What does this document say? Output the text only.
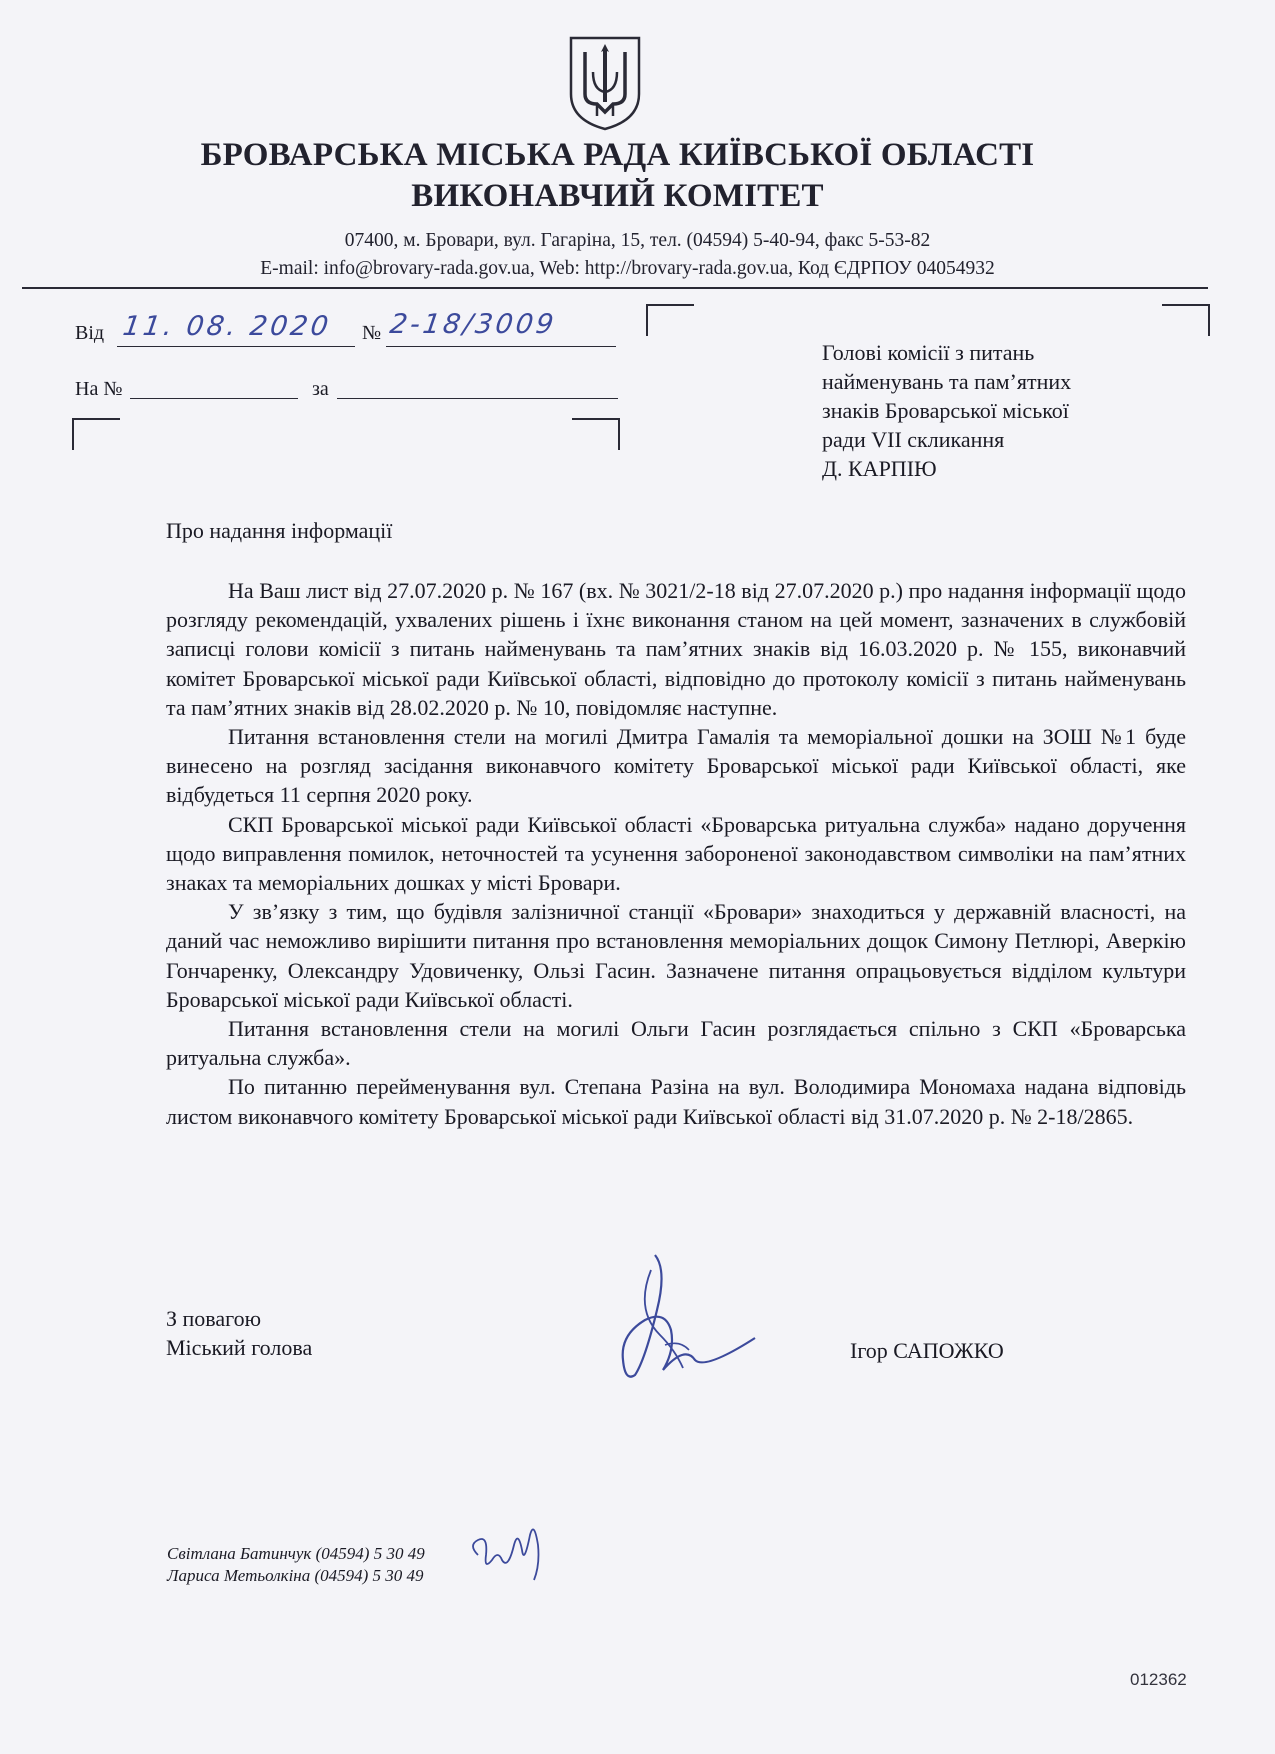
БРОВАРСЬКА МІСЬКА РАДА КИЇВСЬКОЇ ОБЛАСТІ
ВИКОНАВЧИЙ КОМІТЕТ
07400, м. Бровари, вул. Гагаріна, 15, тел. (04594) 5-40-94, факс 5-53-82
E-mail: info@brovary-rada.gov.ua, Web: http://brovary-rada.gov.ua, Код ЄДРПОУ 04054932
Від 11. 08. 2020 № 2-18/3009
На №	за
Голові комісії з питань
найменувань та пам’ятних
знаків Броварської міської
ради VII скликання
Д. КАРПІЮ
Про надання інформації

На Ваш лист від 27.07.2020 р. № 167 (вх. № 3021/2-18 від 27.07.2020 р.) про надання інформації щодо розгляду рекомендацій, ухвалених рішень і їхнє виконання станом на цей момент, зазначених в службовій записці голови комісії з питань найменувань та пам’ятних знаків від 16.03.2020 р. № 155, виконавчий комітет Броварської міської ради Київської області, відповідно до протоколу комісії з питань найменувань та пам’ятних знаків від 28.02.2020 р. № 10, повідомляє наступне.

Питання встановлення стели на могилі Дмитра Гамалія та меморіальної дошки на ЗОШ №1 буде винесено на розгляд засідання виконавчого комітету Броварської міської ради Київської області, яке відбудеться 11 серпня 2020 року.

СКП Броварської міської ради Київської області «Броварська ритуальна служба» надано доручення щодо виправлення помилок, неточностей та усунення забороненої законодавством символіки на пам’ятних знаках та меморіальних дошках у місті Бровари.

У зв’язку з тим, що будівля залізничної станції «Бровари» знаходиться у державній власності, на даний час неможливо вирішити питання про встановлення меморіальних дощок Симону Петлюрі, Аверкію Гончаренку, Олександру Удовиченку, Ользі Гасин. Зазначене питання опрацьовується відділом культури Броварської міської ради Київської області.

Питання встановлення стели на могилі Ольги Гасин розглядається спільно з СКП «Броварська ритуальна служба».

По питанню перейменування вул. Степана Разіна на вул. Володимира Мономаха надана відповідь листом виконавчого комітету Броварської міської ради Київської області від 31.07.2020 р. № 2-18/2865.

З повагою
Міський голова	Ігор САПОЖКО
Світлана Батинчук (04594) 5 30 49
Лариса Метьолкіна (04594) 5 30 49
012362
